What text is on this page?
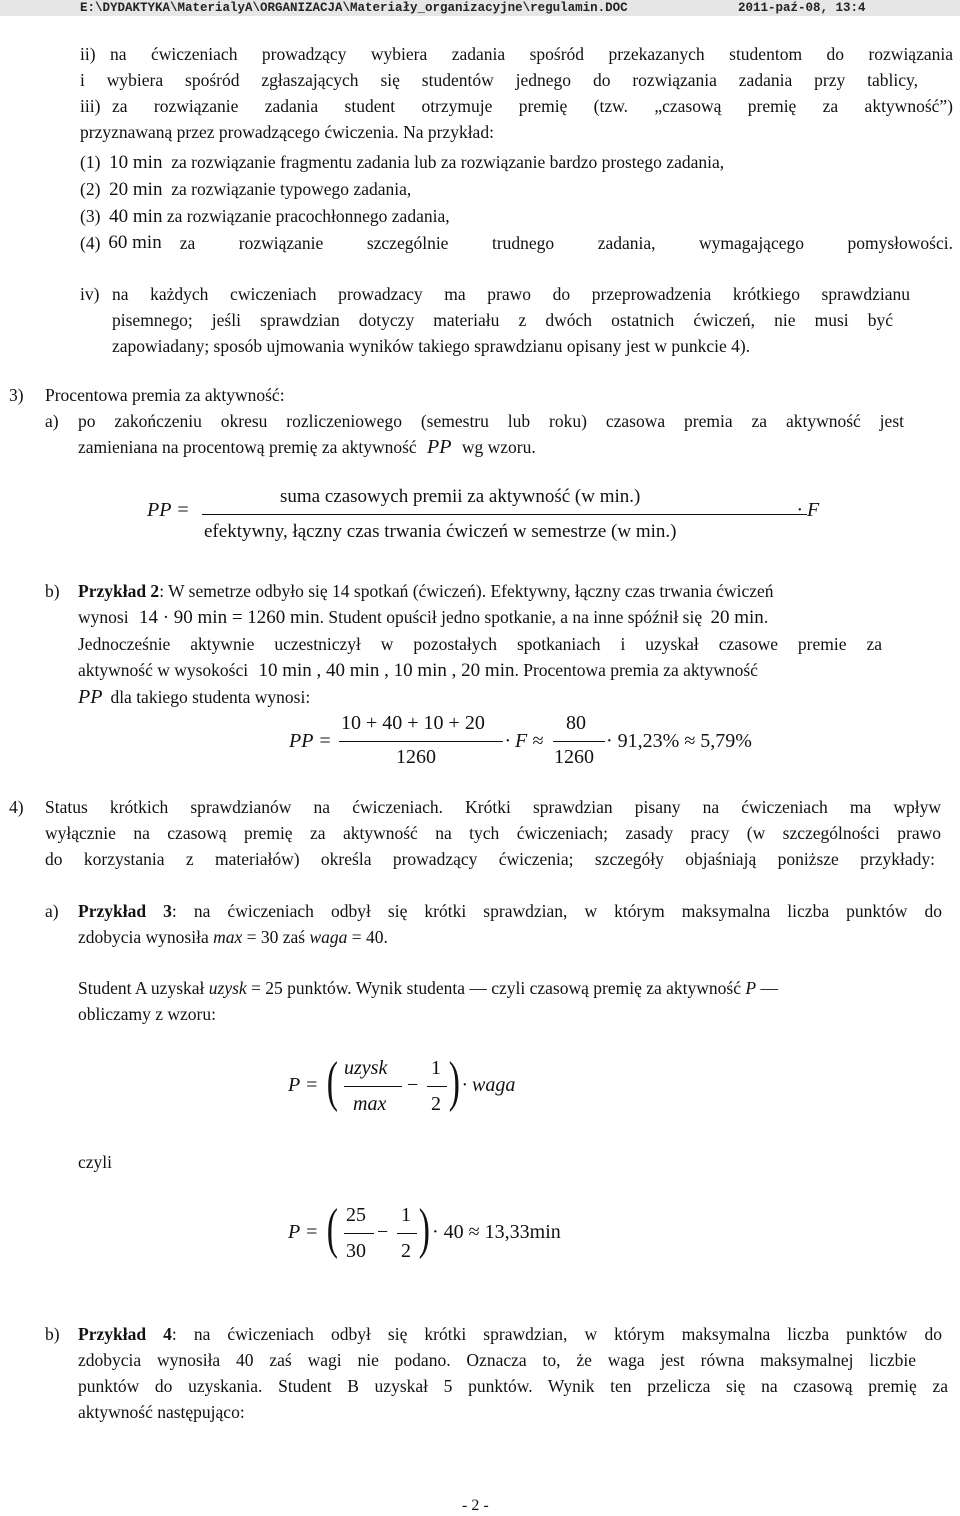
E:\DYDAKTYKA\MaterialyA\ORGANIZACJA\Materiały_organizacyjne\regulamin.DOC	2011-paź-08, 13:4
ii) na ćwiczeniach prowadzący wybiera zadania spośród przekazanych studentom do rozwiązania
i wybiera spośród zgłaszających się studentów jednego do rozwiązania zadania przy tablicy,
iii) za rozwiązanie zadania student otrzymuje premię (tzw. „czasową premię za aktywność”)
przyznawaną przez prowadzącego ćwiczenia. Na przykład:
(1) 10 min za rozwiązanie fragmentu zadania lub za rozwiązanie bardzo prostego zadania,
(2) 20 min za rozwiązanie typowego zadania,
(3) 40 min za rozwiązanie pracochłonnego zadania,
(4) 60 min za rozwiązanie szczególnie trudnego zadania, wymagającego pomysłowości.
iv) na każdych cwiczeniach prowadzacy ma prawo do przeprowadzenia krótkiego sprawdzianu
pisemnego; jeśli sprawdzian dotyczy materiału z dwóch ostatnich ćwiczeń, nie musi być
zapowiadany; sposób ujmowania wyników takiego sprawdzianu opisany jest w punkcie 4).
3) Procentowa premia za aktywność:
a) po zakończeniu okresu rozliczeniowego (semestru lub roku) czasowa premia za aktywność jest
zamieniana na procentową premię za aktywność PP wg wzoru.
PP =
suma czasowych premii za aktywność (w min.)
efektywny, łączny czas trwania ćwiczeń w semestrze (w min.)
· F
b) Przykład 2: W semetrze odbyło się 14 spotkań (ćwiczeń). Efektywny, łączny czas trwania ćwiczeń
wynosi 14 · 90 min = 1260 min. Student opuścił jedno spotkanie, a na inne spóźnił się 20 min.
Jednocześnie aktywnie uczestniczył w pozostałych spotkaniach i uzyskał czasowe premie za
aktywność w wysokości 10 min , 40 min , 10 min , 20 min. Procentowa premia za aktywność
PP dla takiego studenta wynosi:
PP =
10 + 40 + 10 + 20
1260
· F ≈
80
1260
· 91,23% ≈ 5,79%
4) Status krótkich sprawdzianów na ćwiczeniach. Krótki sprawdzian pisany na ćwiczeniach ma wpływ
wyłącznie na czasową premię za aktywność na tych ćwiczeniach; zasady pracy (w szczególności prawo
do korzystania z materiałów) określa prowadzący ćwiczenia; szczegóły objaśniają poniższe przykłady:
a) Przykład 3: na ćwiczeniach odbył się krótki sprawdzian, w którym maksymalna liczba punktów do
zdobycia wynosiła max = 30 zaś waga = 40.
Student A uzyskał uzysk = 25 punktów. Wynik studenta — czyli czasową premię za aktywność P —
obliczamy z wzoru:
P = ( uzysk
max
−
1
2 ) · waga
czyli
P = ( 25
30
−
1
2 ) · 40 ≈ 13,33min
b) Przykład 4: na ćwiczeniach odbył się krótki sprawdzian, w którym maksymalna liczba punktów do
zdobycia wynosiła 40 zaś wagi nie podano. Oznacza to, że waga jest równa maksymalnej liczbie
punktów do uzyskania. Student B uzyskał 5 punktów. Wynik ten przelicza się na czasową premię za
aktywność następująco:
- 2 -
